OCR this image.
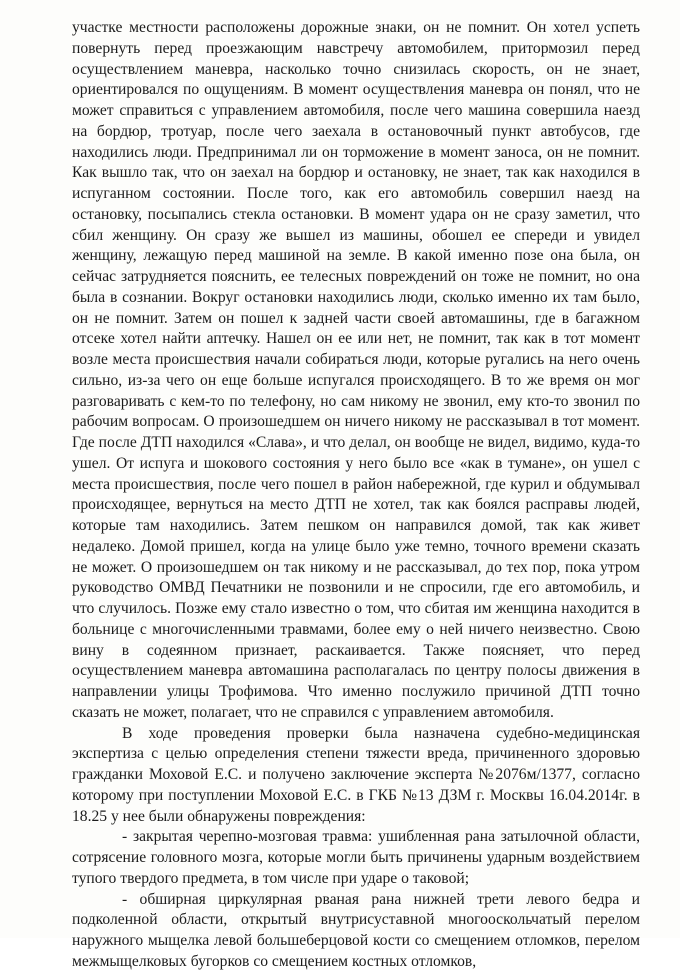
участке местности расположены дорожные знаки, он не помнит. Он хотел успеть повернуть перед проезжающим навстречу автомобилем, притормозил перед осуществлением маневра, насколько точно снизилась скорость, он не знает, ориентировался по ощущениям. В момент осуществления маневра он понял, что не может справиться с управлением автомобиля, после чего машина совершила наезд на бордюр, тротуар, после чего заехала в остановочный пункт автобусов, где находились люди. Предпринимал ли он торможение в момент заноса, он не помнит. Как вышло так, что он заехал на бордюр и остановку, не знает, так как находился в испуганном состоянии. После того, как его автомобиль совершил наезд на остановку, посыпались стекла остановки. В момент удара он не сразу заметил, что сбил женщину. Он сразу же вышел из машины, обошел ее спереди и увидел женщину, лежащую перед машиной на земле. В какой именно позе она была, он сейчас затрудняется пояснить, ее телесных повреждений он тоже не помнит, но она была в сознании. Вокруг остановки находились люди, сколько именно их там было, он не помнит. Затем он пошел к задней части своей автомашины, где в багажном отсеке хотел найти аптечку. Нашел он ее или нет, не помнит, так как в тот момент возле места происшествия начали собираться люди, которые ругались на него очень сильно, из-за чего он еще больше испугался происходящего. В то же время он мог разговаривать с кем-то по телефону, но сам никому не звонил, ему кто-то звонил по рабочим вопросам. О произошедшем он ничего никому не рассказывал в тот момент. Где после ДТП находился «Слава», и что делал, он вообще не видел, видимо, куда-то ушел. От испуга и шокового состояния у него было все «как в тумане», он ушел с места происшествия, после чего пошел в район набережной, где курил и обдумывал происходящее, вернуться на место ДТП не хотел, так как боялся расправы людей, которые там находились. Затем пешком он направился домой, так как живет недалеко. Домой пришел, когда на улице было уже темно, точного времени сказать не может. О произошедшем он так никому и не рассказывал, до тех пор, пока утром руководство ОМВД Печатники не позвонили и не спросили, где его автомобиль, и что случилось. Позже ему стало известно о том, что сбитая им женщина находится в больнице с многочисленными травмами, более ему о ней ничего неизвестно. Свою вину в содеянном признает, раскаивается. Также поясняет, что перед осуществлением маневра автомашина располагалась по центру полосы движения в направлении улицы Трофимова. Что именно послужило причиной ДТП точно сказать не может, полагает, что не справился с управлением автомобиля.

В ходе проведения проверки была назначена судебно-медицинская экспертиза с целью определения степени тяжести вреда, причиненного здоровью гражданки Моховой Е.С. и получено заключение эксперта №2076м/1377, согласно которому при поступлении Моховой Е.С. в ГКБ №13 ДЗМ г. Москвы 16.04.2014г. в 18.25 у нее были обнаружены повреждения:

- закрытая черепно-мозговая травма: ушибленная рана затылочной области, сотрясение головного мозга, которые могли быть причинены ударным воздействием тупого твердого предмета, в том числе при ударе о таковой;

- обширная циркулярная рваная рана нижней трети левого бедра и подколенной области, открытый внутрисуставной многооскольчатый перелом наружного мыщелка левой большеберцовой кости со смещением отломков, перелом межмыщелковых бугорков со смещением костных отломков,
